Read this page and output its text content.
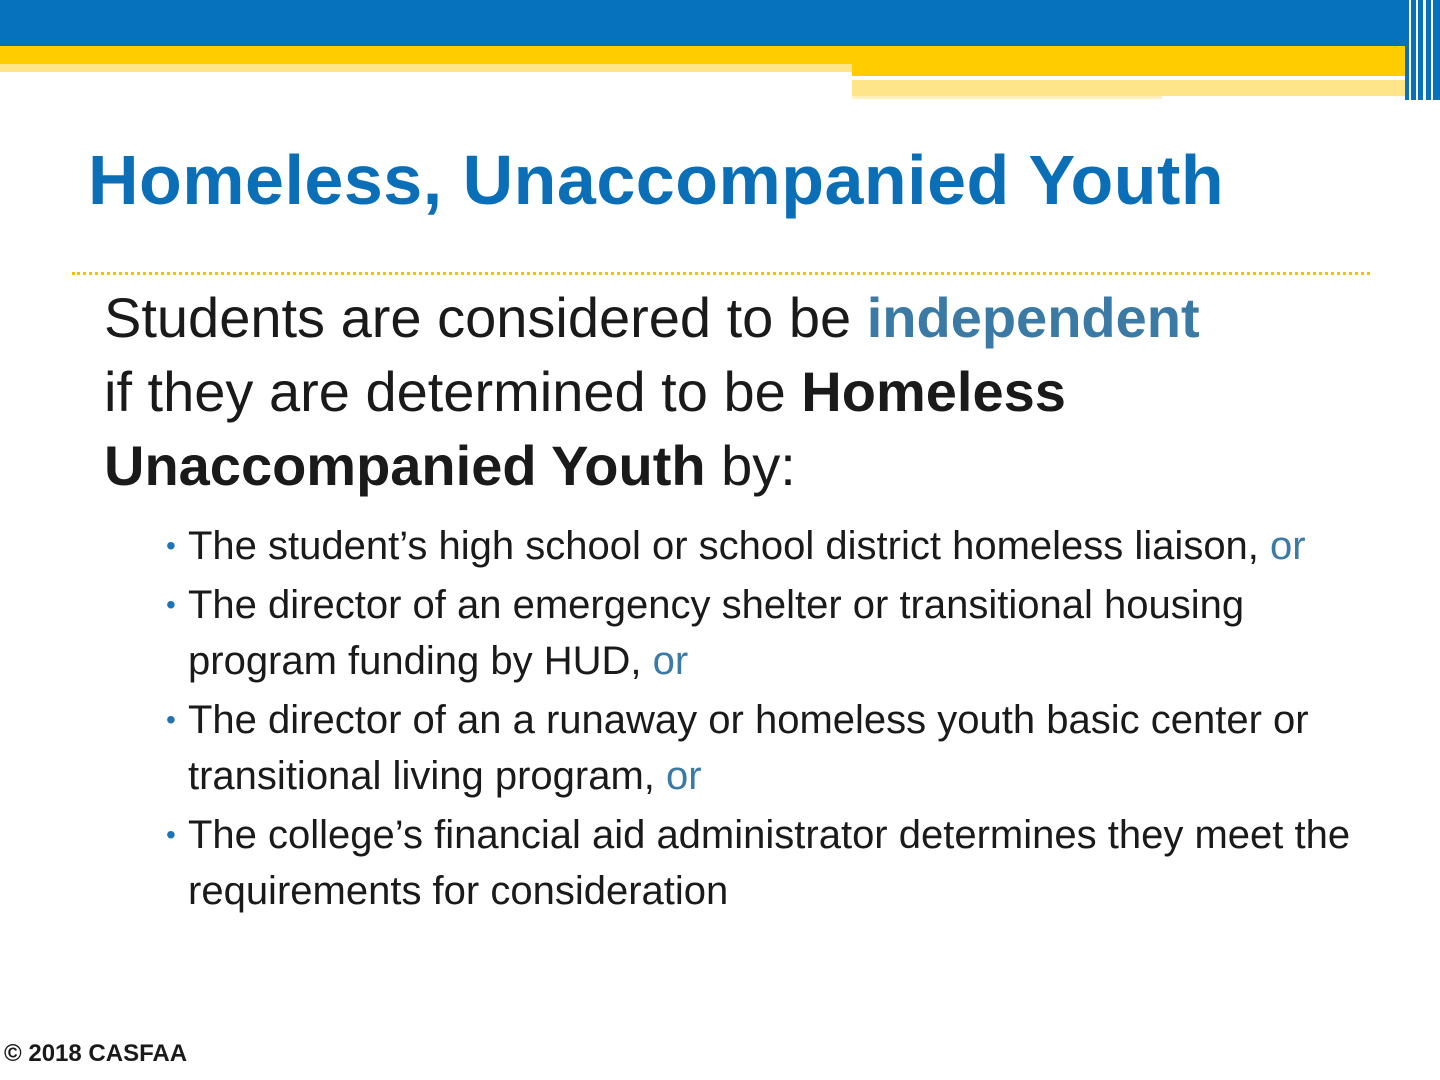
Homeless, Unaccompanied Youth
Students are considered to be independent
if they are determined to be Homeless
Unaccompanied Youth by:
• The student’s high school or school district homeless liaison, or
• The director of an emergency shelter or transitional housing program funding by HUD, or
• The director of an a runaway or homeless youth basic center or transitional living program, or
• The college’s financial aid administrator determines they meet the requirements for consideration

© 2018 CASFAA
